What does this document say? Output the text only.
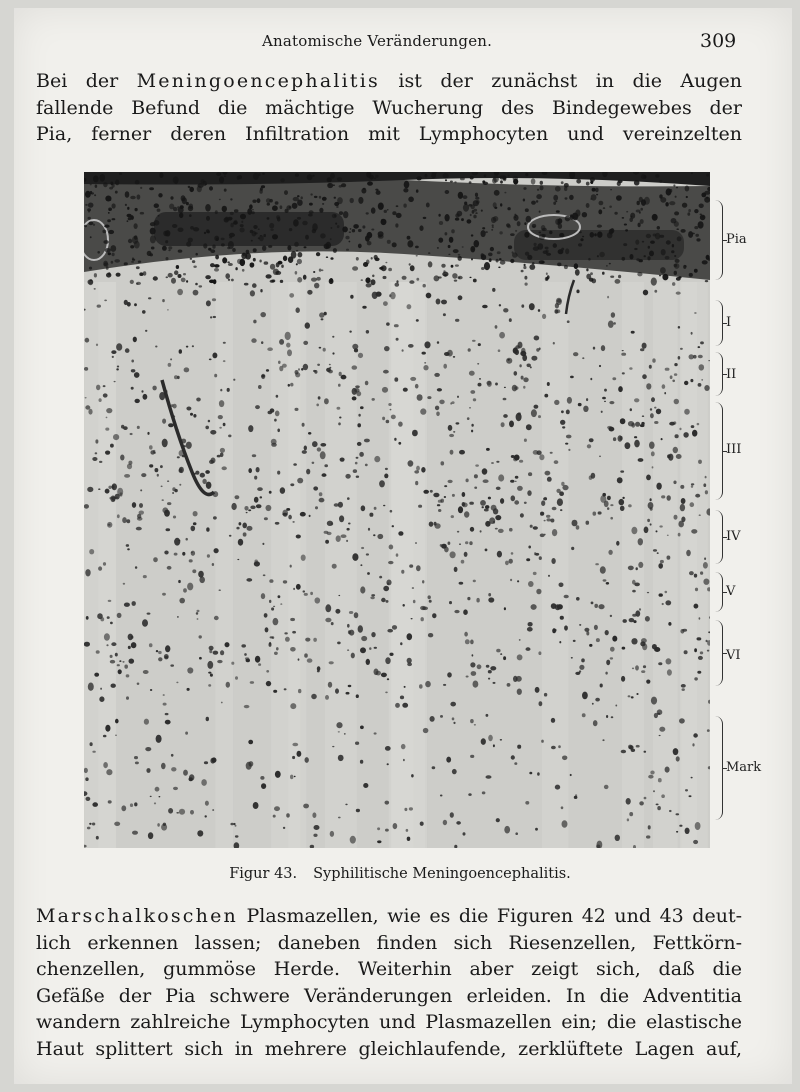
Anatomische Veränderungen.	309

Bei der Meningoencephalitis ist der zunächst in die Augen
fallende Befund die mächtige Wucherung des Bindegewebes der
Pia, ferner deren Infiltration mit Lymphocyten und vereinzelten

Pia
I
II
III
IV
V
VI
Mark
Figur 43. Syphilitische Meningoencephalitis.

Marschalkoschen Plasmazellen, wie es die Figuren 42 und 43 deut-
lich erkennen lassen; daneben finden sich Riesenzellen, Fettkörn-
chenzellen, gummöse Herde. Weiterhin aber zeigt sich, daß die
Gefäße der Pia schwere Veränderungen erleiden. In die Adventitia
wandern zahlreiche Lymphocyten und Plasmazellen ein; die elastische
Haut splittert sich in mehrere gleichlaufende, zerklüftete Lagen auf,
